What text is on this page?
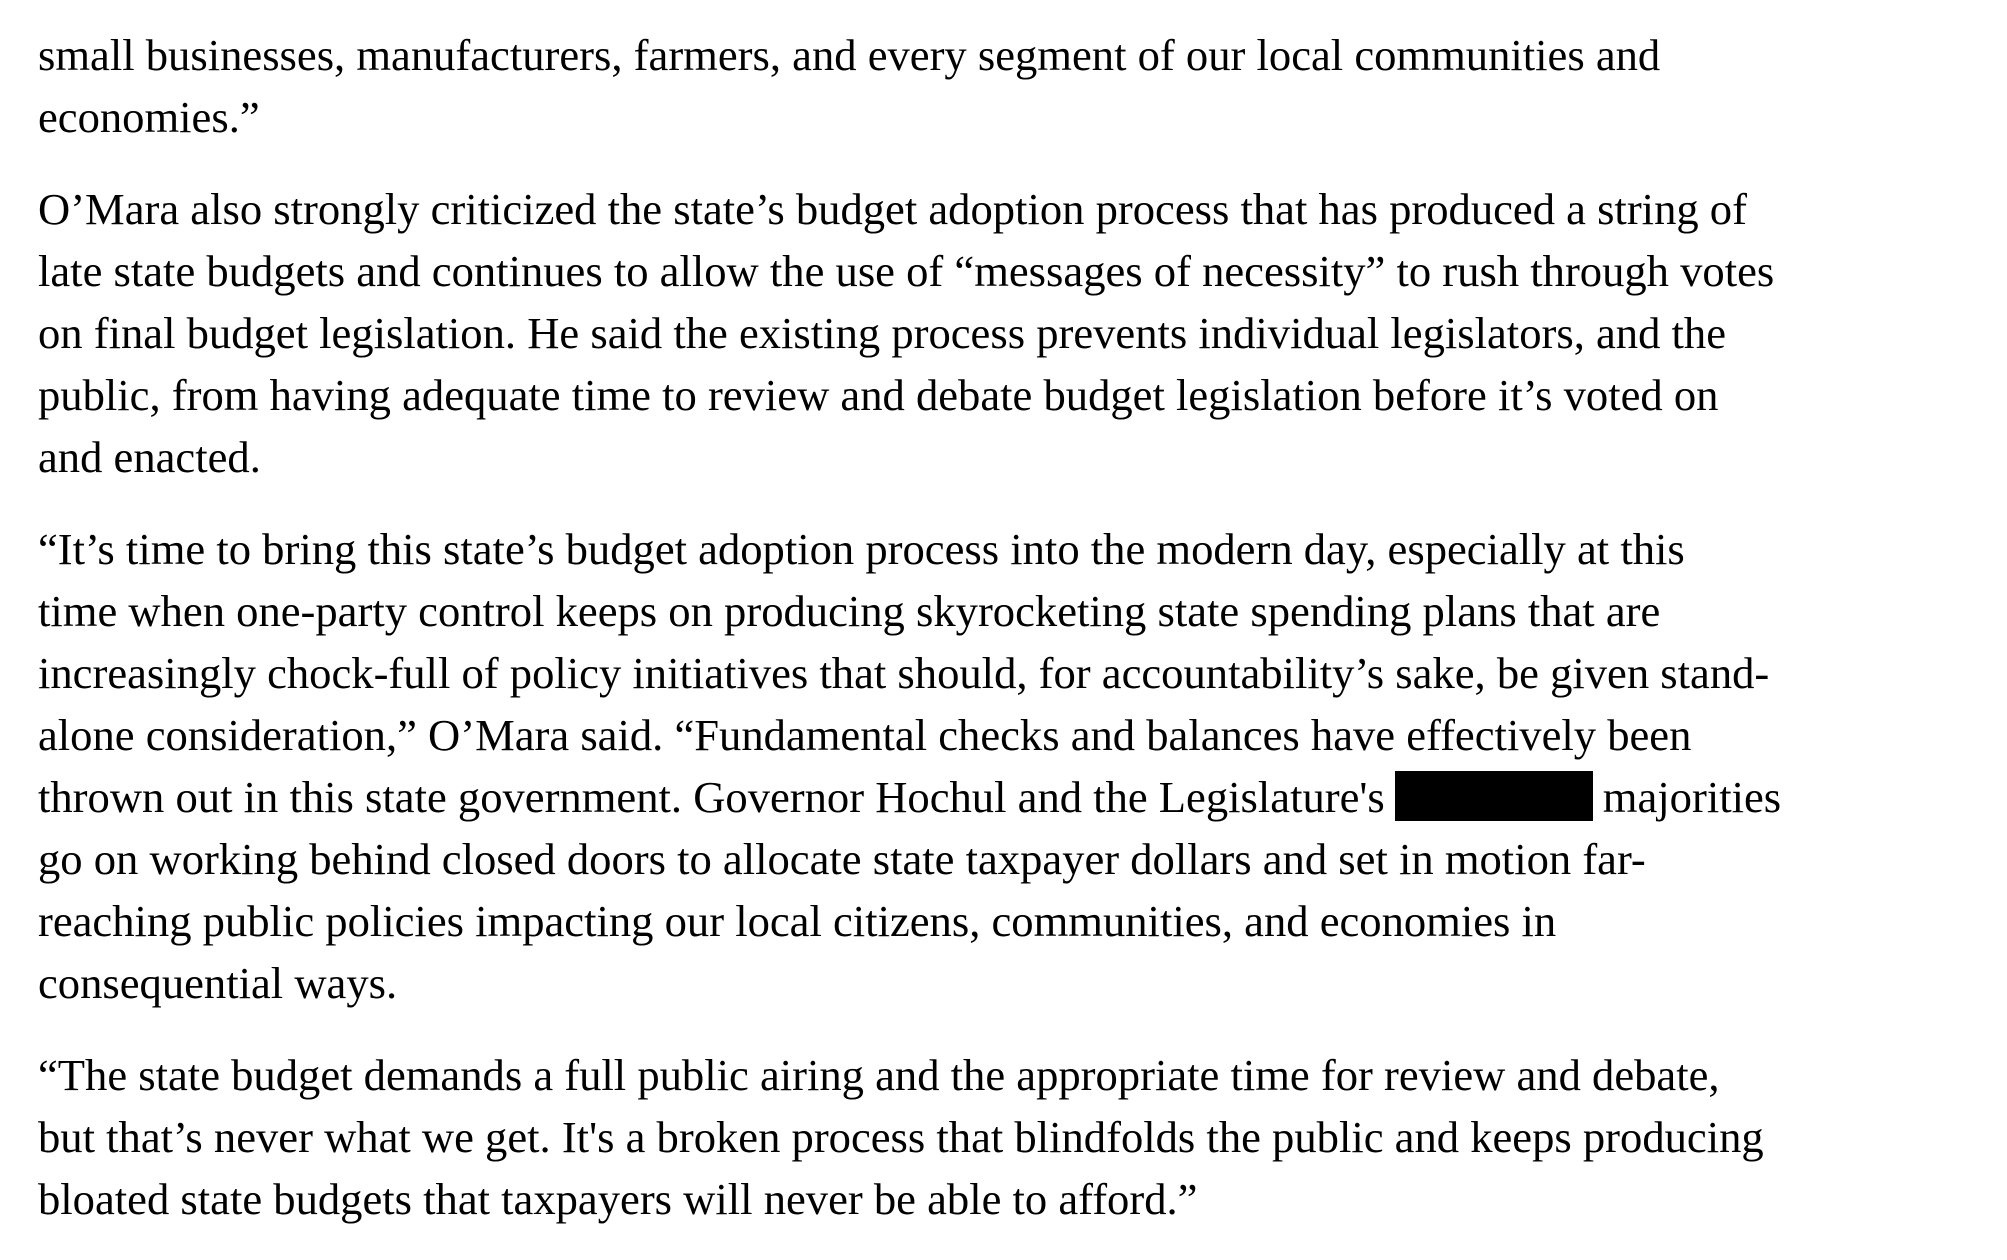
small businesses, manufacturers, farmers, and every segment of our local communities and
economies.”

O’Mara also strongly criticized the state’s budget adoption process that has produced a string of
late state budgets and continues to allow the use of “messages of necessity” to rush through votes
on final budget legislation. He said the existing process prevents individual legislators, and the
public, from having adequate time to review and debate budget legislation before it’s voted on
and enacted.

“It’s time to bring this state’s budget adoption process into the modern day, especially at this
time when one-party control keeps on producing skyrocketing state spending plans that are
increasingly chock-full of policy initiatives that should, for accountability’s sake, be given stand-
alone consideration,” O’Mara said. “Fundamental checks and balances have effectively been
thrown out in this state government. Governor Hochul and the Legislature's	majorities
go on working behind closed doors to allocate state taxpayer dollars and set in motion far-
reaching public policies impacting our local citizens, communities, and economies in
consequential ways.

“The state budget demands a full public airing and the appropriate time for review and debate,
but that’s never what we get. It's a broken process that blindfolds the public and keeps producing
bloated state budgets that taxpayers will never be able to afford.”
